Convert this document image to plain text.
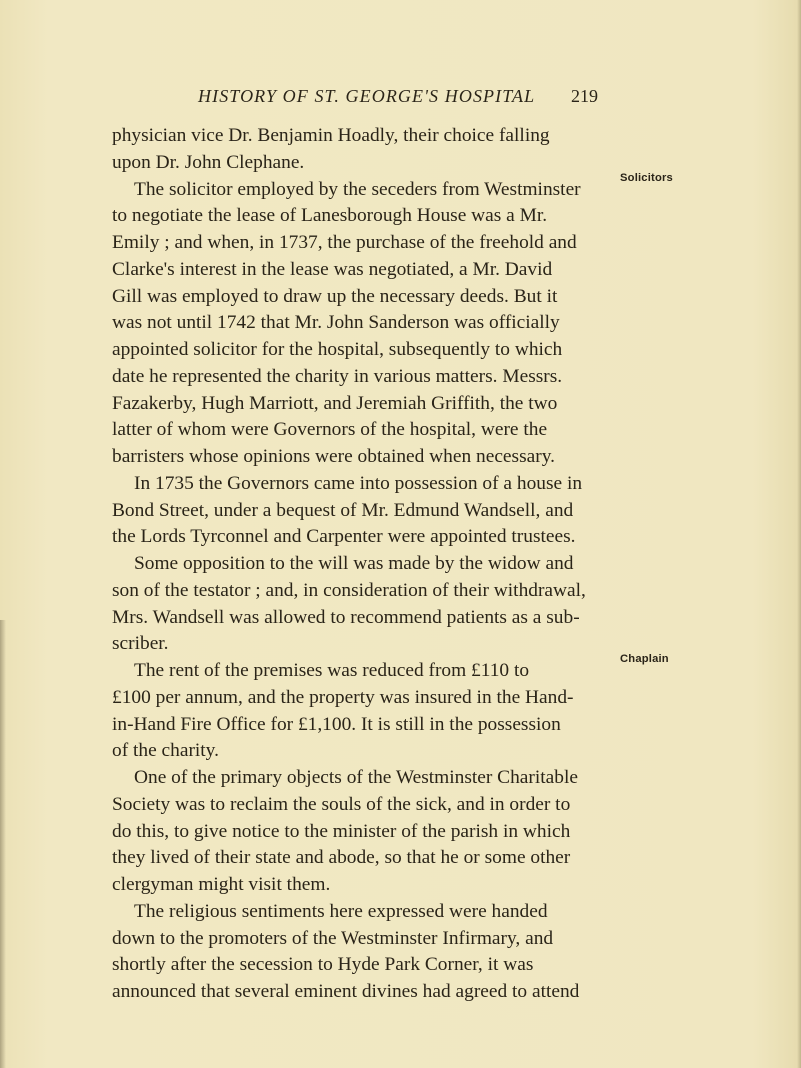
HISTORY OF ST. GEORGE'S HOSPITAL 219
Solicitors
Chaplain
physician vice Dr. Benjamin Hoadly, their choice falling
upon Dr. John Clephane.
The solicitor employed by the seceders from Westminster
to negotiate the lease of Lanesborough House was a Mr.
Emily ; and when, in 1737, the purchase of the freehold and
Clarke's interest in the lease was negotiated, a Mr. David
Gill was employed to draw up the necessary deeds. But it
was not until 1742 that Mr. John Sanderson was officially
appointed solicitor for the hospital, subsequently to which
date he represented the charity in various matters. Messrs.
Fazakerby, Hugh Marriott, and Jeremiah Griffith, the two
latter of whom were Governors of the hospital, were the
barristers whose opinions were obtained when necessary.
In 1735 the Governors came into possession of a house in
Bond Street, under a bequest of Mr. Edmund Wandsell, and
the Lords Tyrconnel and Carpenter were appointed trustees.
Some opposition to the will was made by the widow and
son of the testator ; and, in consideration of their withdrawal,
Mrs. Wandsell was allowed to recommend patients as a sub-
scriber.
The rent of the premises was reduced from £110 to
£100 per annum, and the property was insured in the Hand-
in-Hand Fire Office for £1,100. It is still in the possession
of the charity.
One of the primary objects of the Westminster Charitable
Society was to reclaim the souls of the sick, and in order to
do this, to give notice to the minister of the parish in which
they lived of their state and abode, so that he or some other
clergyman might visit them.
The religious sentiments here expressed were handed
down to the promoters of the Westminster Infirmary, and
shortly after the secession to Hyde Park Corner, it was
announced that several eminent divines had agreed to attend
